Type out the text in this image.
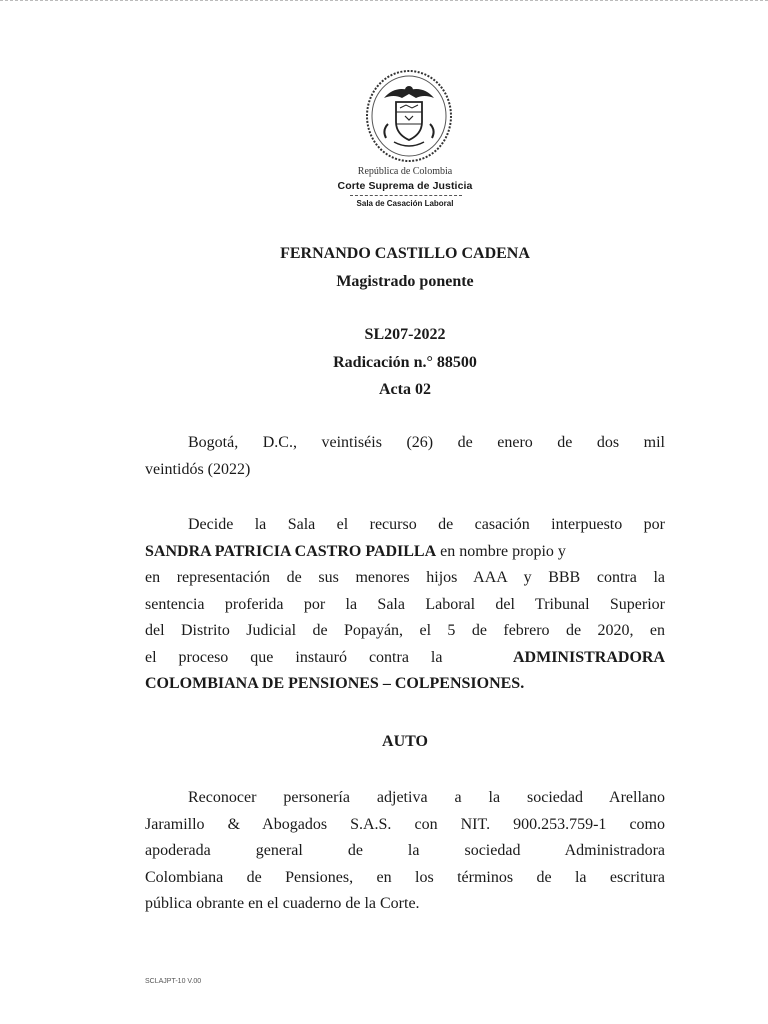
República de Colombia
Corte Suprema de Justicia
Sala de Casación Laboral
FERNANDO CASTILLO CADENA
Magistrado ponente
SL207-2022
Radicación n.° 88500
Acta 02
Bogotá, D.C., veintiséis (26) de enero de dos mil
veintidós (2022)
Decide la Sala el recurso de casación interpuesto por
SANDRA PATRICIA CASTRO PADILLA en nombre propio y
en representación de sus menores hijos AAA y BBB contra la
sentencia proferida por la Sala Laboral del Tribunal Superior
del Distrito Judicial de Popayán, el 5 de febrero de 2020, en
el proceso que instauró contra la	ADMINISTRADORA
COLOMBIANA DE PENSIONES – COLPENSIONES.
AUTO
Reconocer personería adjetiva a la sociedad Arellano
Jaramillo & Abogados S.A.S. con NIT. 900.253.759-1 como
apoderada general de la sociedad Administradora
Colombiana de Pensiones, en los términos de la escritura
pública obrante en el cuaderno de la Corte.
SCLAJPT-10 V.00
